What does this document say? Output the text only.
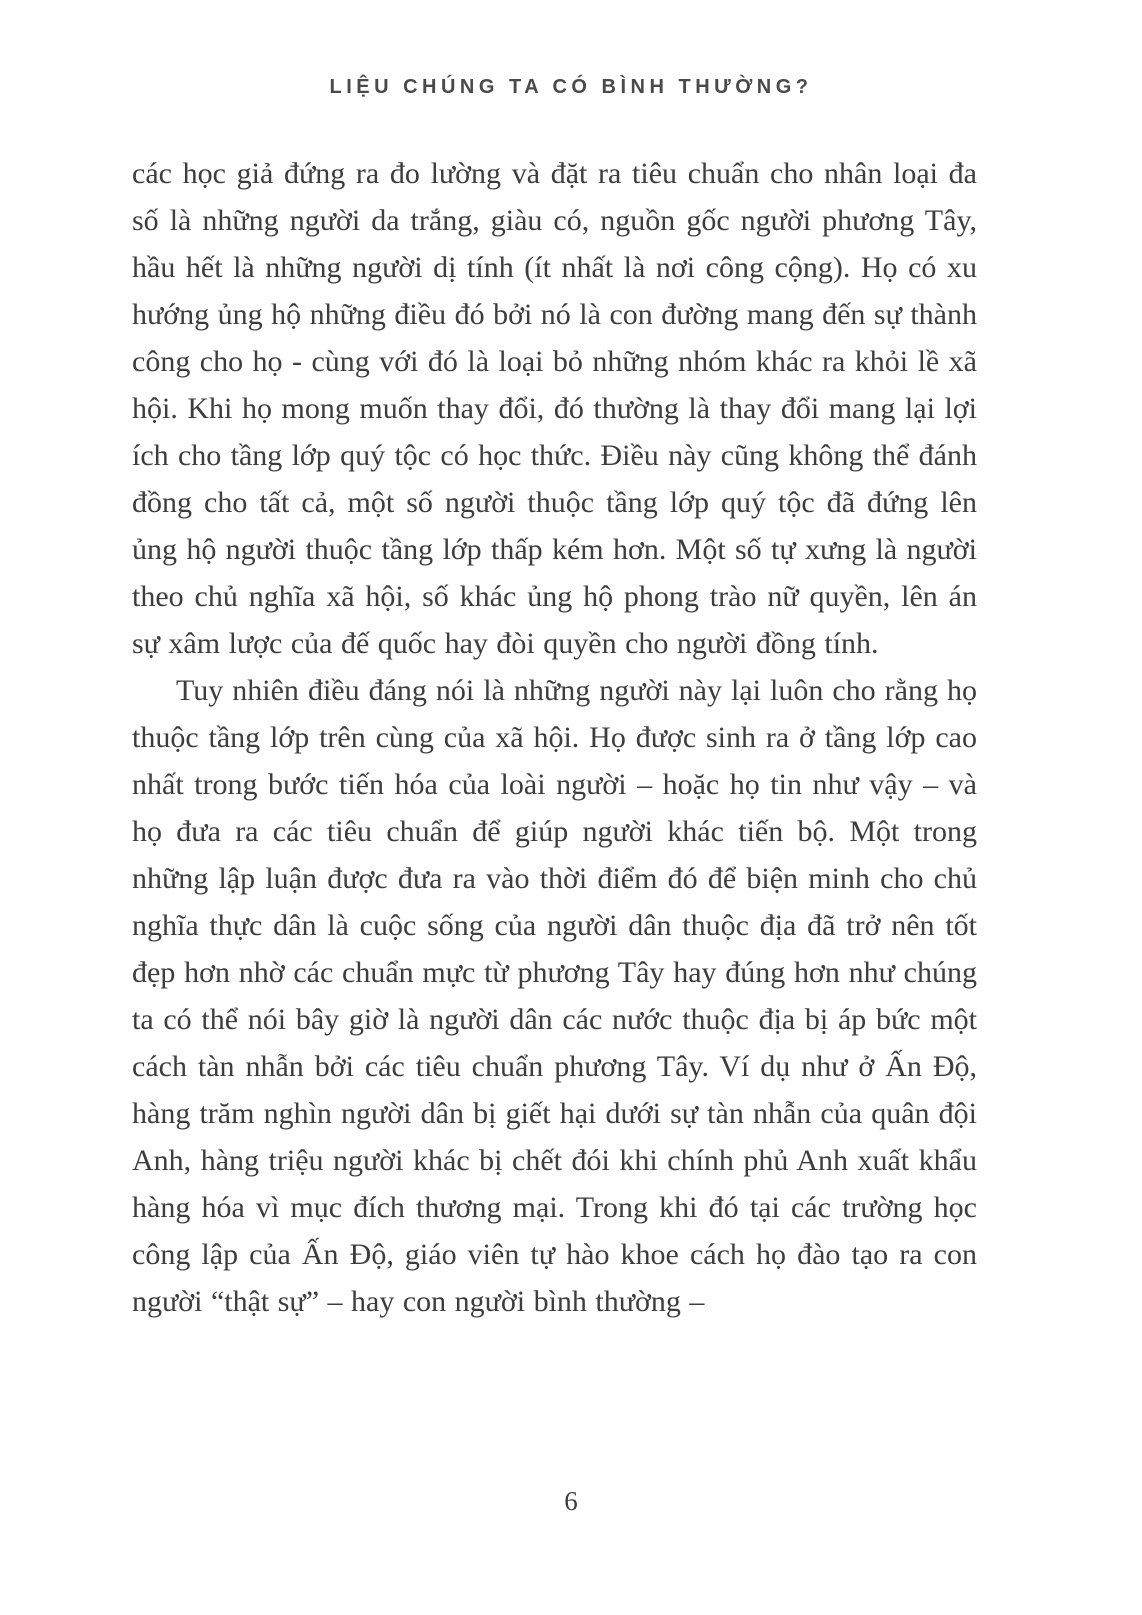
LIỆU CHÚNG TA CÓ BÌNH THƯỜNG?

các học giả đứng ra đo lường và đặt ra tiêu chuẩn cho nhân loại đa số là những người da trắng, giàu có, nguồn gốc người phương Tây, hầu hết là những người dị tính (ít nhất là nơi công cộng). Họ có xu hướng ủng hộ những điều đó bởi nó là con đường mang đến sự thành công cho họ - cùng với đó là loại bỏ những nhóm khác ra khỏi lề xã hội. Khi họ mong muốn thay đổi, đó thường là thay đổi mang lại lợi ích cho tầng lớp quý tộc có học thức. Điều này cũng không thể đánh đồng cho tất cả, một số người thuộc tầng lớp quý tộc đã đứng lên ủng hộ người thuộc tầng lớp thấp kém hơn. Một số tự xưng là người theo chủ nghĩa xã hội, số khác ủng hộ phong trào nữ quyền, lên án sự xâm lược của đế quốc hay đòi quyền cho người đồng tính.

Tuy nhiên điều đáng nói là những người này lại luôn cho rằng họ thuộc tầng lớp trên cùng của xã hội. Họ được sinh ra ở tầng lớp cao nhất trong bước tiến hóa của loài người – hoặc họ tin như vậy – và họ đưa ra các tiêu chuẩn để giúp người khác tiến bộ. Một trong những lập luận được đưa ra vào thời điểm đó để biện minh cho chủ nghĩa thực dân là cuộc sống của người dân thuộc địa đã trở nên tốt đẹp hơn nhờ các chuẩn mực từ phương Tây hay đúng hơn như chúng ta có thể nói bây giờ là người dân các nước thuộc địa bị áp bức một cách tàn nhẫn bởi các tiêu chuẩn phương Tây. Ví dụ như ở Ấn Độ, hàng trăm nghìn người dân bị giết hại dưới sự tàn nhẫn của quân đội Anh, hàng triệu người khác bị chết đói khi chính phủ Anh xuất khẩu hàng hóa vì mục đích thương mại. Trong khi đó tại các trường học công lập của Ấn Độ, giáo viên tự hào khoe cách họ đào tạo ra con người “thật sự” – hay con người bình thường –

6
